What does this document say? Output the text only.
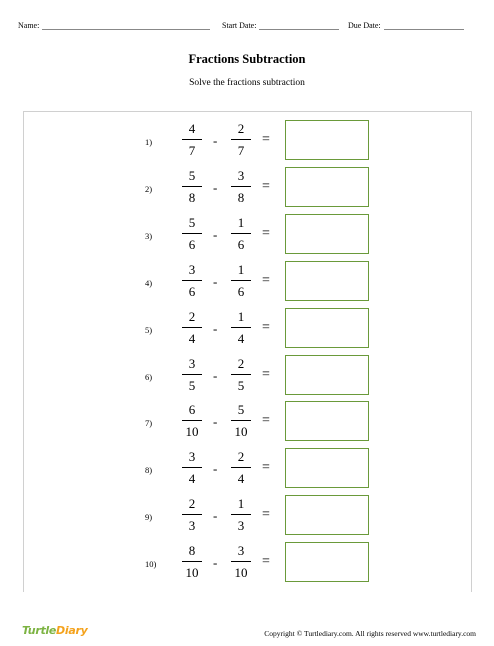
Name:	Start Date:	Due Date:
Fractions Subtraction
Solve the fractions subtraction
1)
4
7
-
2
7
=
2)
5
8
-
3
8
=
3)
5
6
-
1
6
=
4)
3
6
-
1
6
=
5)
2
4
-
1
4
=
6)
3
5
-
2
5
=
7)
6
10
-
5
10
=
8)
3
4
-
2
4
=
9)
2
3
-
1
3
=
10)
8
10
-
3
10
=
TurtleDiary	Copyright © Turtlediary.com. All rights reserved www.turtlediary.com
